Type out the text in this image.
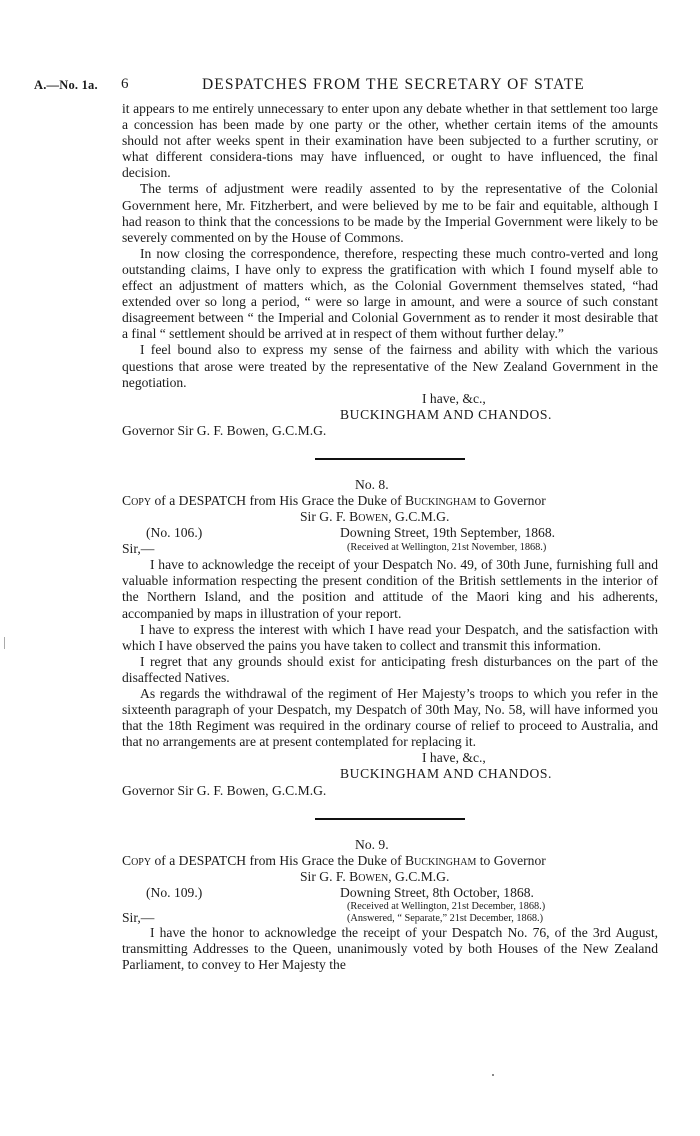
A.—No. 1a. 6	DESPATCHES FROM THE SECRETARY OF STATE

it appears to me entirely unnecessary to enter upon any debate whether in that settlement too large a concession has been made by one party or the other, whether certain items of the amounts should not after weeks spent in their examination have been subjected to a further scrutiny, or what different considera-tions may have influenced, or ought to have influenced, the final decision.

The terms of adjustment were readily assented to by the representative of the Colonial Government here, Mr. Fitzherbert, and were believed by me to be fair and equitable, although I had reason to think that the concessions to be made by the Imperial Government were likely to be severely commented on by the House of Commons.

In now closing the correspondence, therefore, respecting these much contro-verted and long outstanding claims, I have only to express the gratification with which I found myself able to effect an adjustment of matters which, as the Colonial Government themselves stated, “had extended over so long a period, “ were so large in amount, and were a source of such constant disagreement between “ the Imperial and Colonial Government as to render it most desirable that a final “ settlement should be arrived at in respect of them without further delay.”

I feel bound also to express my sense of the fairness and ability with which the various questions that arose were treated by the representative of the New Zealand Government in the negotiation.

I have, &c.,

BUCKINGHAM AND CHANDOS.

Governor Sir G. F. Bowen, G.C.M.G.

No. 8.

Copy of a DESPATCH from His Grace the Duke of Buckingham to Governor

Sir G. F. Bowen, G.C.M.G.

(No. 106.)	Downing Street, 19th September, 1868.
Sir,—	(Received at Wellington, 21st November, 1868.)

I have to acknowledge the receipt of your Despatch No. 49, of 30th June, furnishing full and valuable information respecting the present condition of the British settlements in the interior of the Northern Island, and the position and attitude of the Maori king and his adherents, accompanied by maps in illustration of your report.

I have to express the interest with which I have read your Despatch, and the satisfaction with which I have observed the pains you have taken to collect and transmit this information.

I regret that any grounds should exist for anticipating fresh disturbances on the part of the disaffected Natives.

As regards the withdrawal of the regiment of Her Majesty’s troops to which you refer in the sixteenth paragraph of your Despatch, my Despatch of 30th May, No. 58, will have informed you that the 18th Regiment was required in the ordinary course of relief to proceed to Australia, and that no arrangements are at present contemplated for replacing it.

I have, &c.,

BUCKINGHAM AND CHANDOS.

Governor Sir G. F. Bowen, G.C.M.G.

No. 9.

Copy of a DESPATCH from His Grace the Duke of Buckingham to Governor

Sir G. F. Bowen, G.C.M.G.

(No. 109.)	Downing Street, 8th October, 1868.
Sir,—
(Received at Wellington, 21st December, 1868.)
(Answered, “ Separate,” 21st December, 1868.)

I have the honor to acknowledge the receipt of your Despatch No. 76, of the 3rd August, transmitting Addresses to the Queen, unanimously voted by both Houses of the New Zealand Parliament, to convey to Her Majesty the
